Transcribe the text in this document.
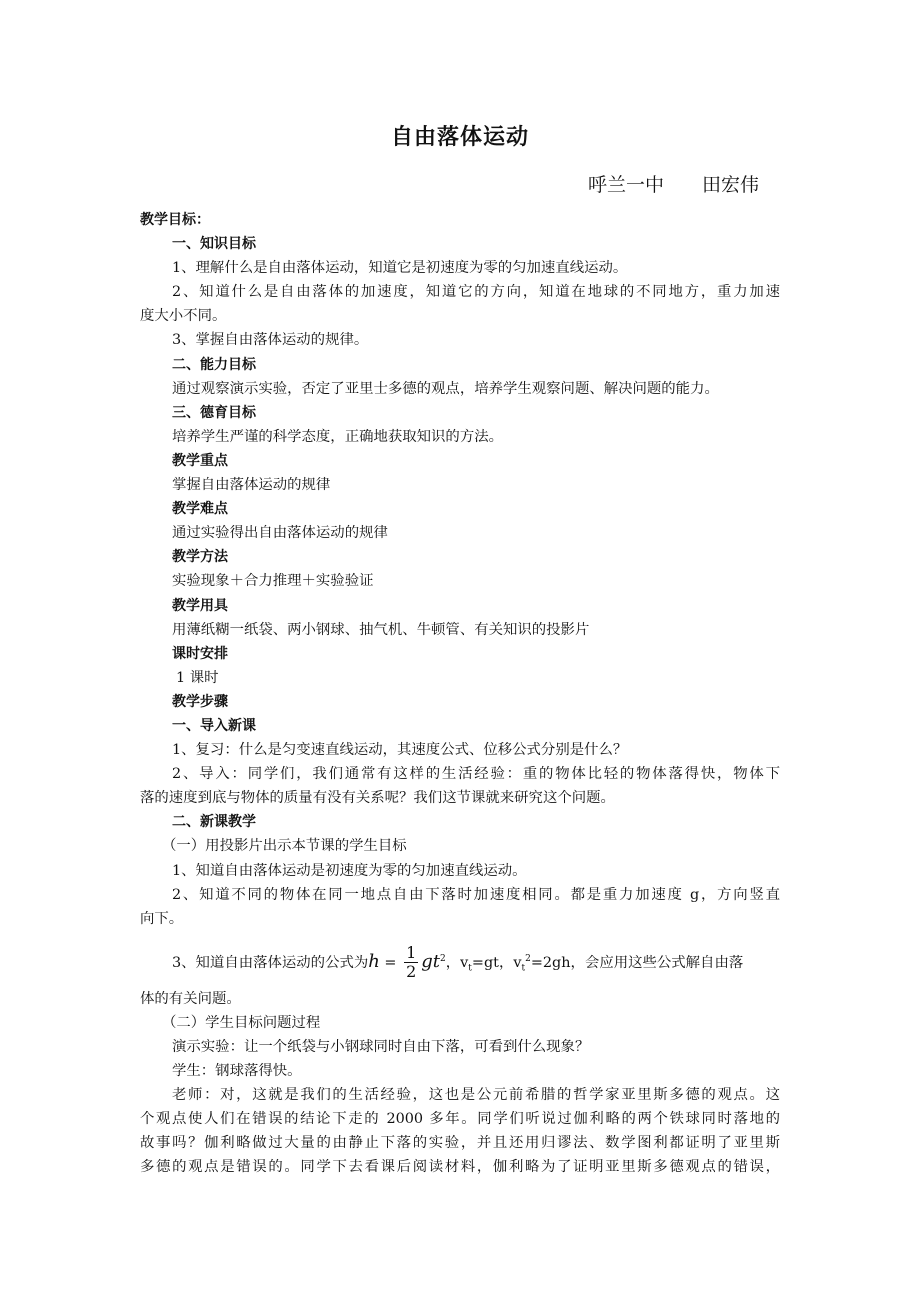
自由落体运动
呼兰一中　　田宏伟
教学目标：
一、知识目标
1、理解什么是自由落体运动，知道它是初速度为零的匀加速直线运动。
2、知道什么是自由落体的加速度，知道它的方向，知道在地球的不同地方，重力加速
度大小不同。
3、掌握自由落体运动的规律。
二、能力目标
通过观察演示实验，否定了亚里士多德的观点，培养学生观察问题、解决问题的能力。
三、德育目标
培养学生严谨的科学态度，正确地获取知识的方法。
教学重点
掌握自由落体运动的规律
教学难点
通过实验得出自由落体运动的规律
教学方法
实验现象＋合力推理＋实验验证
教学用具
用薄纸糊一纸袋、两小钢球、抽气机、牛顿管、有关知识的投影片
课时安排
1 课时
教学步骤
一、导入新课
1、复习：什么是匀变速直线运动，其速度公式、位移公式分别是什么？
2、导入：同学们，我们通常有这样的生活经验：重的物体比轻的物体落得快，物体下
落的速度到底与物体的质量有没有关系呢？我们这节课就来研究这个问题。
二、新课教学
（一）用投影片出示本节课的学生目标
1、知道自由落体运动是初速度为零的匀加速直线运动。
2、知道不同的物体在同一地点自由下落时加速度相同。都是重力加速度 g，方向竖直
向下。
3、知道自由落体运动的公式为$h = \frac{1}{2} gt^2$，$v_t=gt$，$v_t^2=2gh$，会应用这些公式解自由落
体的有关问题。
（二）学生目标问题过程
演示实验：让一个纸袋与小钢球同时自由下落，可看到什么现象？
学生：钢球落得快。
老师：对，这就是我们的生活经验，这也是公元前希腊的哲学家亚里斯多德的观点。这
个观点使人们在错误的结论下走的 2000 多年。同学们听说过伽利略的两个铁球同时落地的
故事吗？伽利略做过大量的由静止下落的实验，并且还用归谬法、数学图利都证明了亚里斯
多德的观点是错误的。同学下去看课后阅读材料，伽利略为了证明亚里斯多德观点的错误，
